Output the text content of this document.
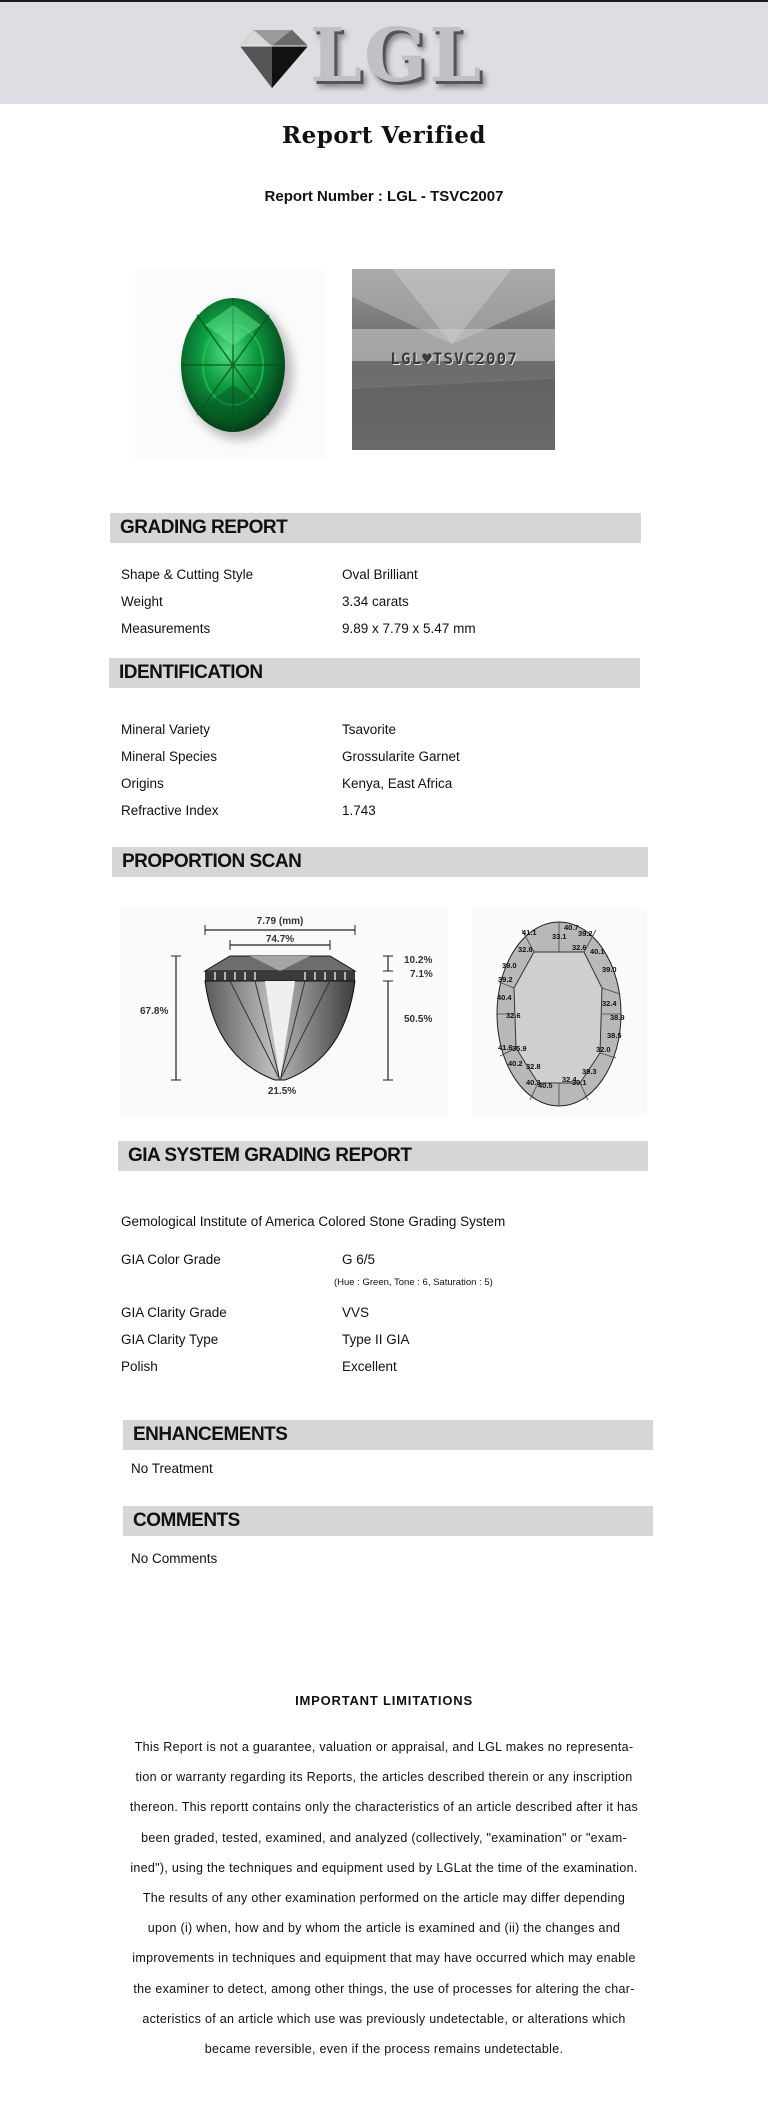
LGL
Report Verified
Report Number : LGL - TSVC2007
LGL♥TSVC2007
GRADING REPORT
Shape & Cutting Style	Oval Brilliant
Weight	3.34 carats
Measurements	9.89 x 7.79 x 5.47 mm
IDENTIFICATION
Mineral Variety	Tsavorite
Mineral Species	Grossularite Garnet
Origins	Kenya, East Africa
Refractive Index	1.743
PROPORTION SCAN
7.79 (mm)
74.7%
67.8%
10.2%
7.1%
50.5%
21.5%
40.7
41.1 33.1 39.2
40.1
32.8	32.6
39.0	39.0
39.2
40.4
32.4
32.6	38.9
38.5
41.6 35.9	32.0
40.2 32.8
40.3	32.4
39.3
40.5	39.1
GIA SYSTEM GRADING REPORT
Gemological Institute of America Colored Stone Grading System
GIA Color Grade	G 6/5
(Hue : Green, Tone : 6, Saturation : 5)
GIA Clarity Grade	VVS
GIA Clarity Type	Type II GIA
Polish	Excellent
ENHANCEMENTS
No Treatment
COMMENTS
No Comments
IMPORTANT LIMITATIONS
This Report is not a guarantee, valuation or appraisal, and LGL makes no representa-
tion or warranty regarding its Reports, the articles described therein or any inscription
thereon. This reportt contains only the characteristics of an article described after it has
been graded, tested, examined, and analyzed (collectively, "examination" or "exam-
ined"), using the techniques and equipment used by LGLat the time of the examination.
The results of any other examination performed on the article may differ depending
upon (i) when, how and by whom the article is examined and (ii) the changes and
improvements in techniques and equipment that may have occurred which may enable
the examiner to detect, among other things, the use of processes for altering the char-
acteristics of an article which use was previously undetectable, or alterations which
became reversible, even if the process remains undetectable.
